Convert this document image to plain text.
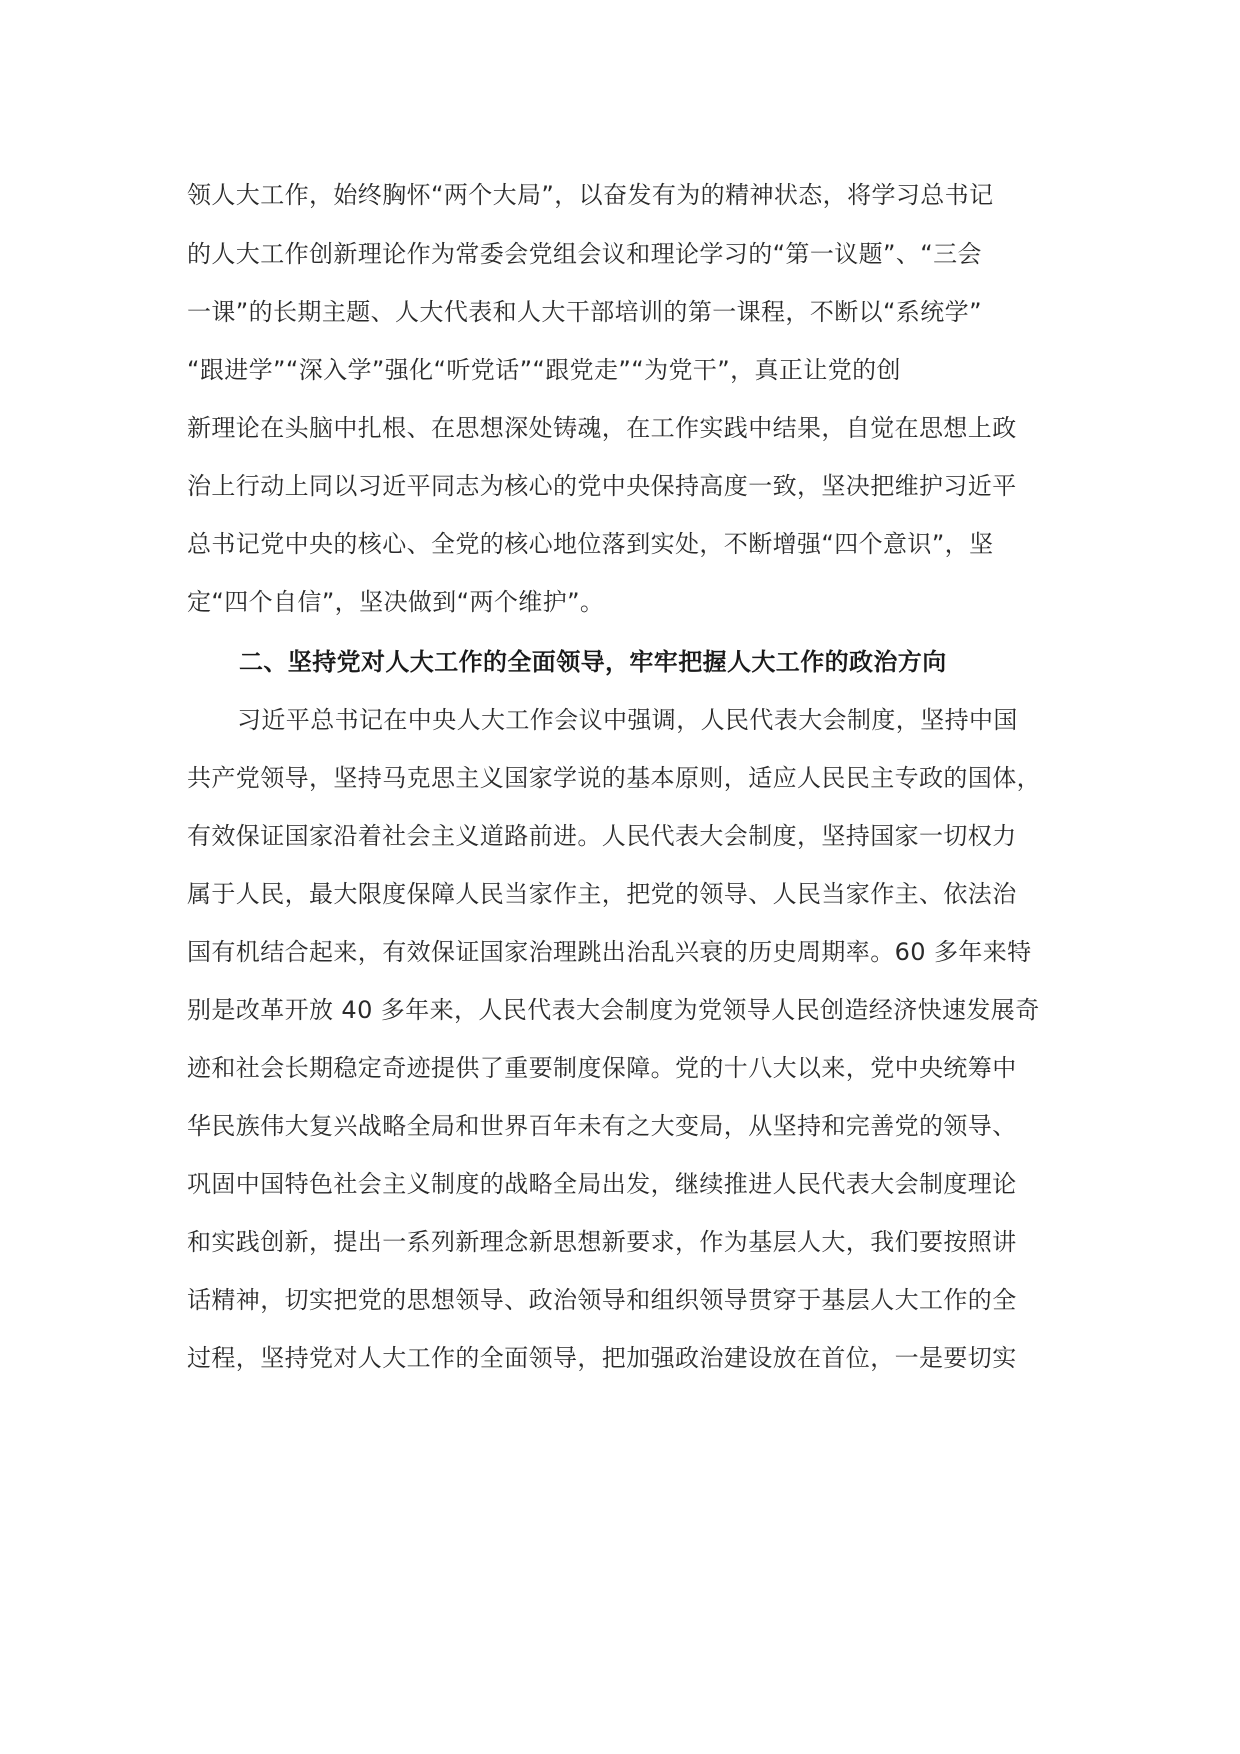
领人大工作，始终胸怀“两个大局”，以奋发有为的精神状态，将学习总书记
的人大工作创新理论作为常委会党组会议和理论学习的“第一议题”、“三会
一课”的长期主题、人大代表和人大干部培训的第一课程，不断以“系统学”
“跟进学”“深入学”强化“听党话”“跟党走”“为党干”，真正让党的创
新理论在头脑中扎根、在思想深处铸魂，在工作实践中结果，自觉在思想上政
治上行动上同以习近平同志为核心的党中央保持高度一致，坚决把维护习近平
总书记党中央的核心、全党的核心地位落到实处，不断增强“四个意识”，坚
定“四个自信”，坚决做到“两个维护”。
二、坚持党对人大工作的全面领导，牢牢把握人大工作的政治方向
习近平总书记在中央人大工作会议中强调，人民代表大会制度，坚持中国
共产党领导，坚持马克思主义国家学说的基本原则，适应人民民主专政的国体，
有效保证国家沿着社会主义道路前进。人民代表大会制度，坚持国家一切权力
属于人民，最大限度保障人民当家作主，把党的领导、人民当家作主、依法治
国有机结合起来，有效保证国家治理跳出治乱兴衰的历史周期率。60 多年来特
别是改革开放 40 多年来，人民代表大会制度为党领导人民创造经济快速发展奇
迹和社会长期稳定奇迹提供了重要制度保障。党的十八大以来，党中央统筹中
华民族伟大复兴战略全局和世界百年未有之大变局，从坚持和完善党的领导、
巩固中国特色社会主义制度的战略全局出发，继续推进人民代表大会制度理论
和实践创新，提出一系列新理念新思想新要求，作为基层人大，我们要按照讲
话精神，切实把党的思想领导、政治领导和组织领导贯穿于基层人大工作的全
过程，坚持党对人大工作的全面领导，把加强政治建设放在首位，一是要切实
